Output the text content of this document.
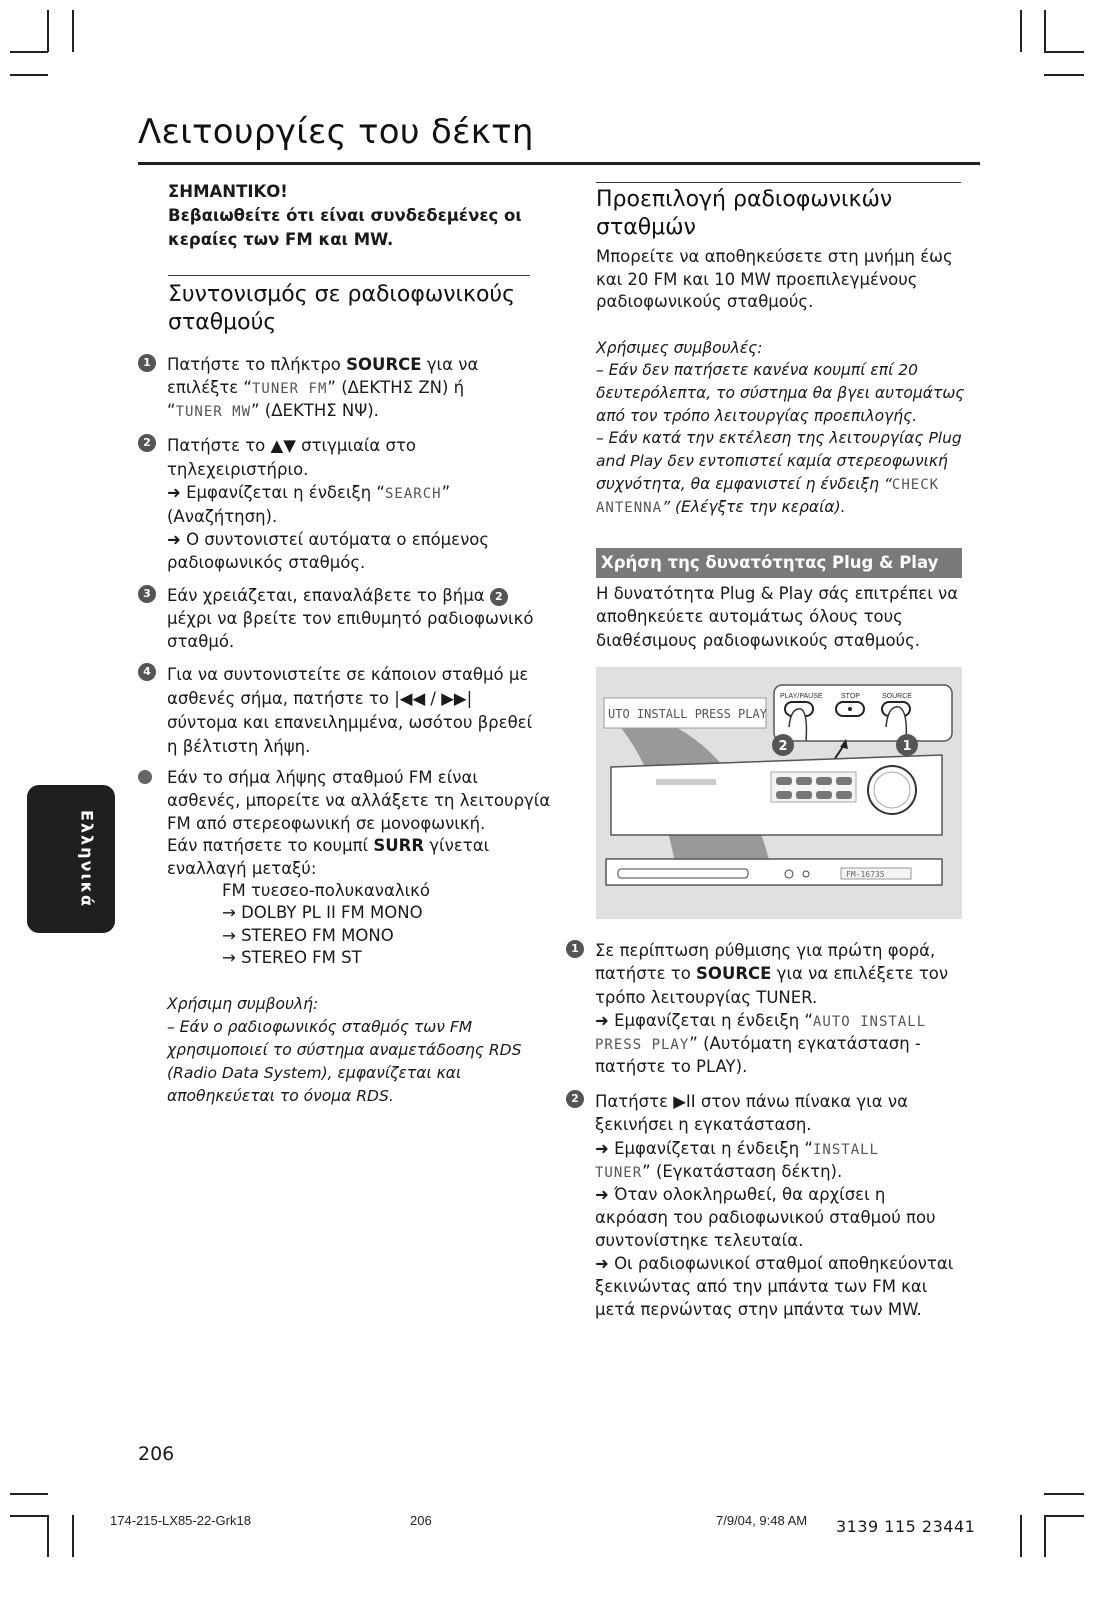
Λειτουργίες του δέκτη
ΣΗΜΑΝΤΙΚΟ!
Βεβαιωθείτε ότι είναι συνδεδεμένες οι
κεραίες των FM και MW.
Συντονισμός σε ραδιοφωνικούς
σταθμούς
1 Πατήστε το πλήκτρο SOURCE για να
επιλέξτε “TUNER FM” (ΔΕΚΤΗΣ ΖΝ) ή
“TUNER MW” (ΔΕΚΤΗΣ ΝΨ).
2 Πατήστε το ▲▼ στιγμιαία στο
τηλεχειριστήριο.
➜ Εμφανίζεται η ένδειξη “SEARCH”
(Αναζήτηση).
➜ Ο συντονιστεί αυτόματα ο επόμενος
ραδιοφωνικός σταθμός.
3 Εάν χρειάζεται, επαναλάβετε το βήμα 2
μέχρι να βρείτε τον επιθυμητό ραδιοφωνικό
σταθμό.
4 Για να συντονιστείτε σε κάποιον σταθμό με
ασθενές σήμα, πατήστε το |◀◀ / ▶▶|
σύντομα και επανειλημμένα, ωσότου βρεθεί
η βέλτιστη λήψη.
Εάν το σήμα λήψης σταθμού FM είναι
ασθενές, μπορείτε να αλλάξετε τη λειτουργία
FM από στερεοφωνική σε μονοφωνική.
Εάν πατήσετε το κουμπί SURR γίνεται
εναλλαγή μεταξύ:
FM τυεσεο-πολυκαναλικό
→ DOLBY PL II FM MONO
→ STEREO FM MONO
→ STEREO FM ST
Χρήσιμη συμβουλή:
– Εάν ο ραδιοφωνικός σταθμός των FM
χρησιμοποιεί το σύστημα αναμετάδοσης RDS
(Radio Data System), εμφανίζεται και
αποθηκεύεται το όνομα RDS.
Ελληνικά
Προεπιλογή ραδιοφωνικών
σταθμών
Μπορείτε να αποθηκεύσετε στη μνήμη έως
και 20 FM και 10 MW προεπιλεγμένους
ραδιοφωνικούς σταθμούς.
Χρήσιμες συμβουλές:
– Εάν δεν πατήσετε κανένα κουμπί επί 20
δευτερόλεπτα, το σύστημα θα βγει αυτομάτως
από τον τρόπο λειτουργίας προεπιλογής.
– Εάν κατά την εκτέλεση της λειτουργίας Plug
and Play δεν εντοπιστεί καμία στερεοφωνική
συχνότητα, θα εμφανιστεί η ένδειξη “CHECK
ANTENNA” (Ελέγξτε την κεραία).
Χρήση της δυνατότητας Plug & Play
Η δυνατότητα Plug & Play σάς επιτρέπει να
αποθηκεύετε αυτομάτως όλους τους
διαθέσιμους ραδιοφωνικούς σταθμούς.
UTO INSTALL PRESS PLAY
PLAY/PAUSE	STOP	SOURCE
2	1
FM-16735
1 Σε περίπτωση ρύθμισης για πρώτη φορά,
πατήστε το SOURCE για να επιλέξετε τον
τρόπο λειτουργίας TUNER.
➜ Εμφανίζεται η ένδειξη “AUTO INSTALL
PRESS PLAY” (Αυτόματη εγκατάσταση -
πατήστε το PLAY).
2 Πατήστε ▶II στον πάνω πίνακα για να
ξεκινήσει η εγκατάσταση.
➜ Εμφανίζεται η ένδειξη “INSTALL
TUNER” (Εγκατάσταση δέκτη).
➜ Όταν ολοκληρωθεί, θα αρχίσει η
ακρόαση του ραδιοφωνικού σταθμού που
συντονίστηκε τελευταία.
➜ Οι ραδιοφωνικοί σταθμοί αποθηκεύονται
ξεκινώντας από την μπάντα των FM και
μετά περνώντας στην μπάντα των MW.
206
174-215-LX85-22-Grk18	206	7/9/04, 9:48 AM 3139 115 23441
